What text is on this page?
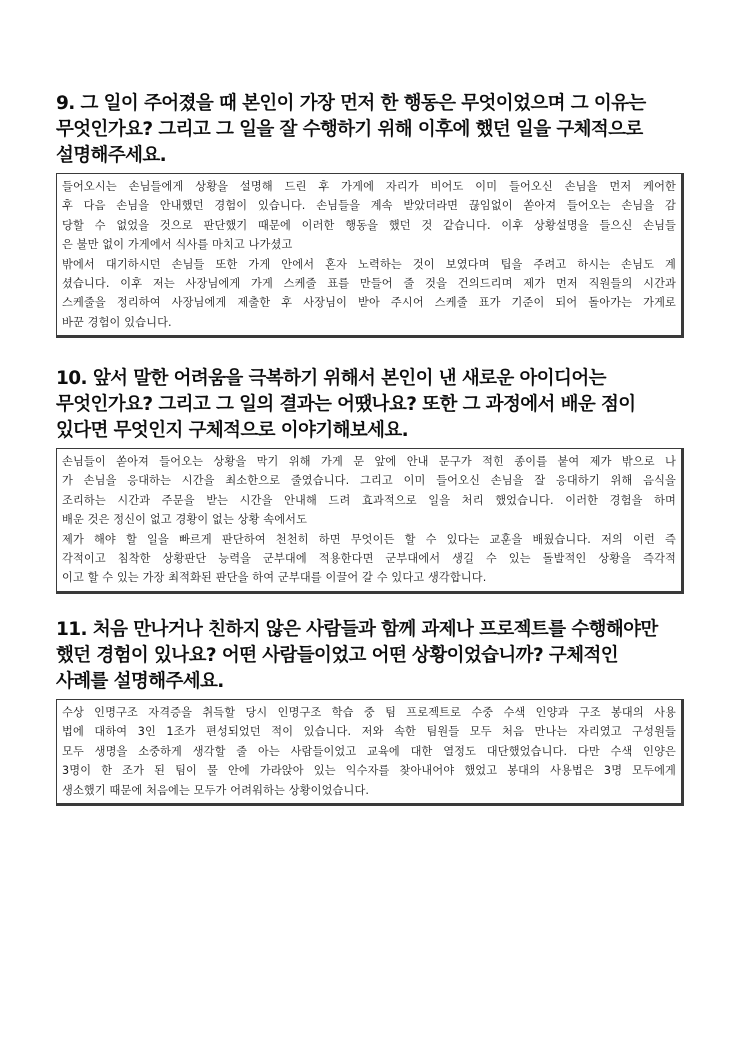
9. 그 일이 주어졌을 때 본인이 가장 먼저 한 행동은 무엇이었으며 그 이유는
무엇인가요? 그리고 그 일을 잘 수행하기 위해 이후에 했던 일을 구체적으로
설명해주세요.
들어오시는 손님들에게 상황을 설명해 드린 후 가게에 자리가 비어도 이미 들어오신 손님을 먼저 케어한
후 다음 손님을 안내했던 경험이 있습니다. 손님들을 계속 받았더라면 끊임없이 쏟아져 들어오는 손님을 감
당할 수 없었을 것으로 판단했기 때문에 이러한 행동을 했던 것 같습니다. 이후 상황설명을 들으신 손님들
은 불만 없이 가게에서 식사를 마치고 나가셨고
밖에서 대기하시던 손님들 또한 가게 안에서 혼자 노력하는 것이 보였다며 팁을 주려고 하시는 손님도 계
셨습니다. 이후 저는 사장님에게 가게 스케줄 표를 만들어 줄 것을 건의드리며 제가 먼저 직원들의 시간과
스케줄을 정리하여 사장님에게 제출한 후 사장님이 받아 주시어 스케줄 표가 기준이 되어 돌아가는 가게로
바꾼 경험이 있습니다.
10. 앞서 말한 어려움을 극복하기 위해서 본인이 낸 새로운 아이디어는
무엇인가요? 그리고 그 일의 결과는 어땠나요? 또한 그 과정에서 배운 점이
있다면 무엇인지 구체적으로 이야기해보세요.
손님들이 쏟아져 들어오는 상황을 막기 위해 가게 문 앞에 안내 문구가 적힌 종이를 붙여 제가 밖으로 나
가 손님을 응대하는 시간을 최소한으로 줄였습니다. 그리고 이미 들어오신 손님을 잘 응대하기 위해 음식을
조리하는 시간과 주문을 받는 시간을 안내해 드려 효과적으로 일을 처리 했었습니다. 이러한 경험을 하며
배운 것은 정신이 없고 경황이 없는 상황 속에서도
제가 해야 할 일을 빠르게 판단하여 천천히 하면 무엇이든 할 수 있다는 교훈을 배웠습니다. 저의 이런 즉
각적이고 침착한 상황판단 능력을 군부대에 적용한다면 군부대에서 생길 수 있는 돌발적인 상황을 즉각적
이고 할 수 있는 가장 최적화된 판단을 하여 군부대를 이끌어 갈 수 있다고 생각합니다.
11. 처음 만나거나 친하지 않은 사람들과 함께 과제나 프로젝트를 수행해야만
했던 경험이 있나요? 어떤 사람들이었고 어떤 상황이었습니까? 구체적인
사례를 설명해주세요.
수상 인명구조 자격증을 취득할 당시 인명구조 학습 중 팀 프로젝트로 수중 수색 인양과 구조 봉대의 사용
법에 대하여 3인 1조가 편성되었던 적이 있습니다. 저와 속한 팀원들 모두 처음 만나는 자리였고 구성원들
모두 생명을 소중하게 생각할 줄 아는 사람들이었고 교육에 대한 열정도 대단했었습니다. 다만 수색 인양은
3명이 한 조가 된 팀이 물 안에 가라앉아 있는 익수자를 찾아내어야 했었고 봉대의 사용법은 3명 모두에게
생소했기 때문에 처음에는 모두가 어려워하는 상황이었습니다.
